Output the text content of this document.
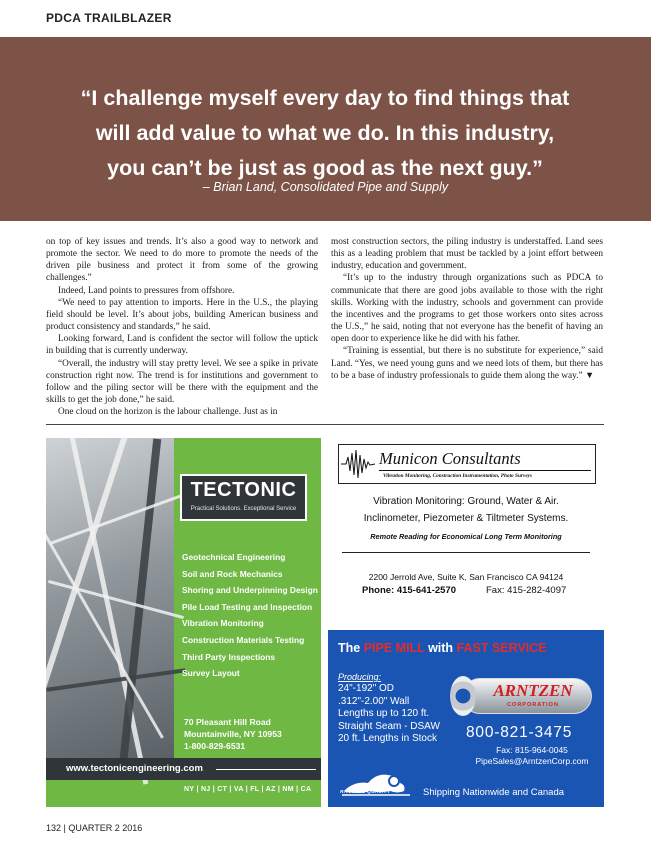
PDCA TRAILBLAZER
“I challenge myself every day to find things that
will add value to what we do. In this industry,
you can’t be just as good as the next guy.”
– Brian Land, Consolidated Pipe and Supply

on top of key issues and trends. It’s also a good way to network and promote the sector. We need to do more to promote the needs of the driven pile business and protect it from some of the growing challenges.”

Indeed, Land points to pressures from offshore.

“We need to pay attention to imports. Here in the U.S., the playing field should be level. It’s about jobs, building American business and product consistency and standards,” he said.

Looking forward, Land is confident the sector will follow the uptick in building that is currently underway.

“Overall, the industry will stay pretty level. We see a spike in private construction right now. The trend is for institutions and government to follow and the piling sector will be there with the equipment and the skills to get the job done,” he said.

One cloud on the horizon is the labour challenge. Just as in

most construction sectors, the piling industry is understaffed. Land sees this as a leading problem that must be tackled by a joint effort between industry, education and government.

“It’s up to the industry through organizations such as PDCA to communicate that there are good jobs available to those with the right skills. Working with the industry, schools and government can provide the incentives and the programs to get those workers onto sites across the U.S.,” he said, noting that not everyone has the benefit of having an open door to experience like he did with his father.

“Training is essential, but there is no substitute for experience,” said Land. “Yes, we need young guns and we need lots of them, but there has to be a base of industry professionals to guide them along the way.” ▼

TECTONIC
Practical Solutions. Exceptional Service
Geotechnical Engineering
Soil and Rock Mechanics
Shoring and Underpinning Design
Pile Load Testing and Inspection
Vibration Monitoring
Construction Materials Testing
Third Party Inspections
Survey Layout
70 Pleasant Hill Road
Mountainville, NY 10953
1-800-829-6531
www.tectonicengineering.com
NY | NJ | CT | VA | FL | AZ | NM | CA
Municon Consultants
Vibration Monitoring, Construction Instrumentation, Photo Surveys
Vibration Monitoring: Ground, Water & Air.
Inclinometer, Piezometer & Tiltmeter Systems.
Remote Reading for Economical Long Term Monitoring
2200 Jerrold Ave, Suite K, San Francisco CA 94124
Phone: 415-641-2570	Fax: 415-282-4097
The PIPE MILL with FAST SERVICE
Producing:
24"-192" OD
.312"-2.00" Wall
Lengths up to 120 ft.
Straight Seam - DSAW
20 ft. Lengths in Stock
ARNTZEN
CORPORATION
800-821-3475
Fax: 815-964-0045
PipeSales@ArntzenCorp.com
RAMMING QUALITY	Shipping Nationwide and Canada
132 | QUARTER 2 2016
